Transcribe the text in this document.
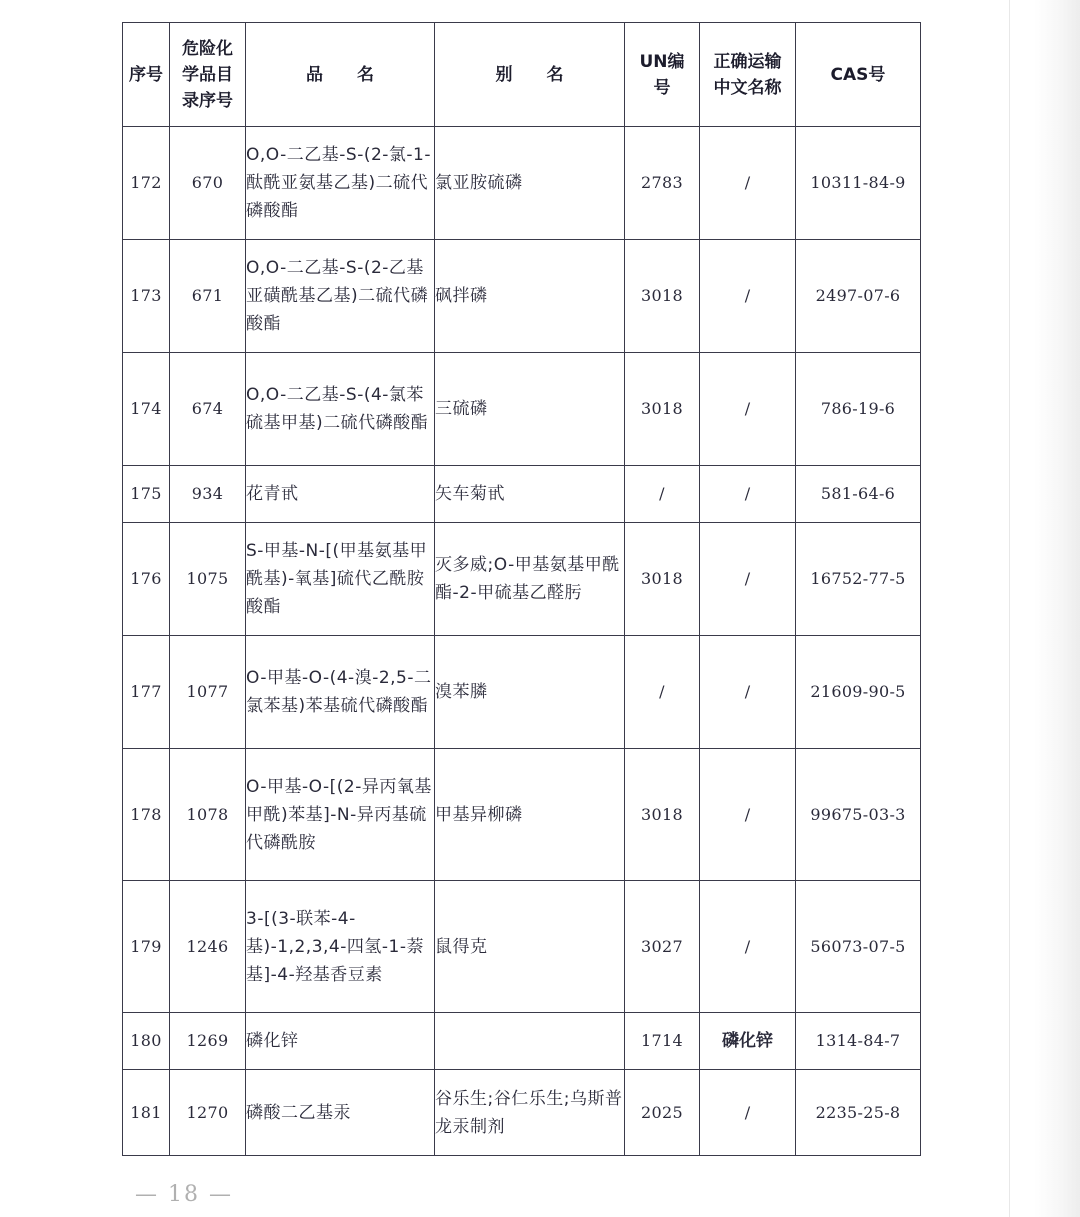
序号	危险化学品目录序号	品　　名	别　　名	UN编号	正确运输中文名称	CAS号
172	670	O,O-二乙基-S-(2-氯-1-酞酰亚氨基乙基)二硫代磷酸酯	氯亚胺硫磷	2783	/	10311-84-9
173	671	O,O-二乙基-S-(2-乙基亚磺酰基乙基)二硫代磷酸酯	砜拌磷	3018	/	2497-07-6
174	674	O,O-二乙基-S-(4-氯苯硫基甲基)二硫代磷酸酯	三硫磷	3018	/	786-19-6
175	934	花青甙	矢车菊甙	/	/	581-64-6
176	1075	S-甲基-N-[(甲基氨基甲酰基)-氧基]硫代乙酰胺酸酯	灭多威;O-甲基氨基甲酰酯-2-甲硫基乙醛肟	3018	/	16752-77-5
177	1077	O-甲基-O-(4-溴-2,5-二氯苯基)苯基硫代磷酸酯	溴苯膦	/	/	21609-90-5
178	1078	O-甲基-O-[(2-异丙氧基甲酰)苯基]-N-异丙基硫代磷酰胺	甲基异柳磷	3018	/	99675-03-3
179	1246	3-[(3-联苯-4-基)-1,2,3,4-四氢-1-萘基]-4-羟基香豆素	鼠得克	3027	/	56073-07-5
180	1269	磷化锌		1714	磷化锌	1314-84-7
181	1270	磷酸二乙基汞	谷乐生;谷仁乐生;乌斯普龙汞制剂	2025	/	2235-25-8
— 18 —
